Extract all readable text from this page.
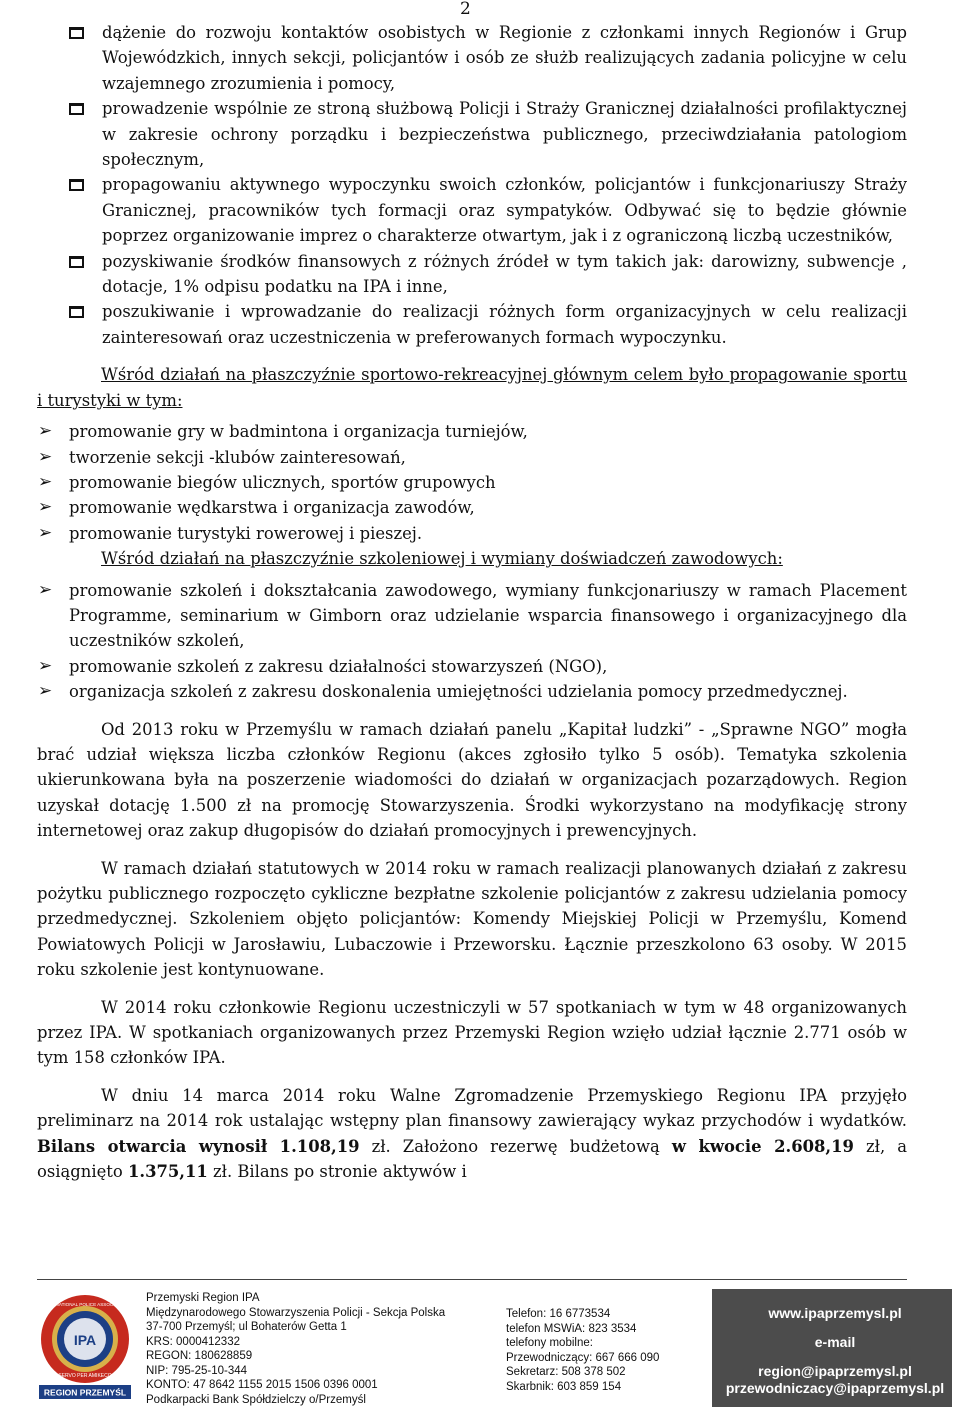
2
dążenie do rozwoju kontaktów osobistych w Regionie z członkami innych Regionów i Grup Wojewódzkich, innych sekcji, policjantów i osób ze służb realizujących zadania policyjne w celu wzajemnego zrozumienia i pomocy,
prowadzenie wspólnie ze stroną służbową Policji i Straży Granicznej działalności profilaktycznej w zakresie ochrony porządku i bezpieczeństwa publicznego, przeciwdziałania patologiom społecznym,
propagowaniu aktywnego wypoczynku swoich członków, policjantów i funkcjonariuszy Straży Granicznej, pracowników tych formacji oraz sympatyków. Odbywać się to będzie głównie poprzez organizowanie imprez o charakterze otwartym, jak i z ograniczoną liczbą uczestników,
pozyskiwanie środków finansowych z różnych źródeł w tym takich jak: darowizny, subwencje , dotacje, 1% odpisu podatku na IPA i inne,
poszukiwanie i wprowadzanie do realizacji różnych form organizacyjnych w celu realizacji zainteresowań oraz uczestniczenia w preferowanych formach wypoczynku.

Wśród działań na płaszczyźnie sportowo-rekreacyjnej głównym celem było propagowanie sportu i turystyki w tym:

➢ promowanie gry w badmintona i organizacja turniejów,
➢ tworzenie sekcji -klubów zainteresowań,
➢ promowanie biegów ulicznych, sportów grupowych
➢ promowanie wędkarstwa i organizacja zawodów,
➢ promowanie turystyki rowerowej i pieszej.

Wśród działań na płaszczyźnie szkoleniowej i wymiany doświadczeń zawodowych:

➢ promowanie szkoleń i dokształcania zawodowego, wymiany funkcjonariuszy w ramach Placement Programme, seminarium w Gimborn oraz udzielanie wsparcia finansowego i organizacyjnego dla uczestników szkoleń,
➢ promowanie szkoleń z zakresu działalności stowarzyszeń (NGO),
➢ organizacja szkoleń z zakresu doskonalenia umiejętności udzielania pomocy przedmedycznej.

Od 2013 roku w Przemyślu w ramach działań panelu „Kapitał ludzki” - „Sprawne NGO” mogła brać udział większa liczba członków Regionu (akces zgłosiło tylko 5 osób). Tematyka szkolenia ukierunkowana była na poszerzenie wiadomości do działań w organizacjach pozarządowych. Region uzyskał dotację 1.500 zł na promocję Stowarzyszenia. Środki wykorzystano na modyfikację strony internetowej oraz zakup długopisów do działań promocyjnych i prewencyjnych.

W ramach działań statutowych w 2014 roku w ramach realizacji planowanych działań z zakresu pożytku publicznego rozpoczęto cykliczne bezpłatne szkolenie policjantów z zakresu udzielania pomocy przedmedycznej. Szkoleniem objęto policjantów: Komendy Miejskiej Policji w Przemyślu, Komend Powiatowych Policji w Jarosławiu, Lubaczowie i Przeworsku. Łącznie przeszkolono 63 osoby. W 2015 roku szkolenie jest kontynuowane.

W 2014 roku członkowie Regionu uczestniczyli w 57 spotkaniach w tym w 48 organizowanych przez IPA. W spotkaniach organizowanych przez Przemyski Region wzięło udział łącznie 2.771 osób w tym 158 członków IPA.

W dniu 14 marca 2014 roku Walne Zgromadzenie Przemyskiego Regionu IPA przyjęło preliminarz na 2014 rok ustalając wstępny plan finansowy zawierający wykaz przychodów i wydatków. Bilans otwarcia wynosił 1.108,19 zł. Założono rezerwę budżetową w kwocie 2.608,19 zł, a osiągnięto 1.375,11 zł. Bilans po stronie aktywów i

IPA
INTERNATIONAL POLICE ASSOCIATION
SERVO PER AMIKECO
REGION PRZEMYŚL
Przemyski Region IPA
Międzynarodowego Stowarzyszenia Policji - Sekcja Polska
37-700 Przemyśl; ul Bohaterów Getta 1
KRS: 0000412332
REGON: 180628859
NIP: 795-25-10-344
KONTO: 47 8642 1155 2015 1506 0396 0001
Podkarpacki Bank Spółdzielczy o/Przemyśl
Telefon: 16 6773534
telefon MSWiA: 823 3534
telefony mobilne:
Przewodniczący: 667 666 090
Sekretarz: 508 378 502
Skarbnik: 603 859 154
www.ipaprzemysl.pl
e-mail
region@ipaprzemysl.pl
przewodniczacy@ipaprzemysl.pl
